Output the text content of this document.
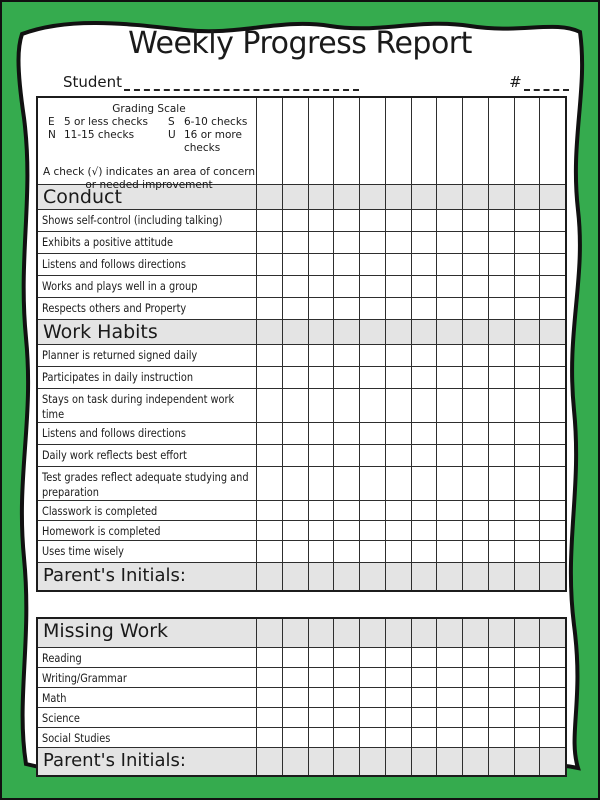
Weekly Progress Report
Student	#
Grading Scale
E 5 or less checks	S 6-10 checks
N 11-15 checks	U 16 or more checks
A check (√) indicates an area of concern
or needed improvement
Conduct
Shows self-control (including talking)
Exhibits a positive attitude
Listens and follows directions
Works and plays well in a group
Respects others and Property
Work Habits
Planner is returned signed daily
Participates in daily instruction
Stays on task during independent work time
Listens and follows directions
Daily work reflects best effort
Test grades reflect adequate studying and preparation
Classwork is completed
Homework is completed
Uses time wisely
Parent's Initials:
Missing Work
Reading
Writing/Grammar
Math
Science
Social Studies
Parent's Initials:
